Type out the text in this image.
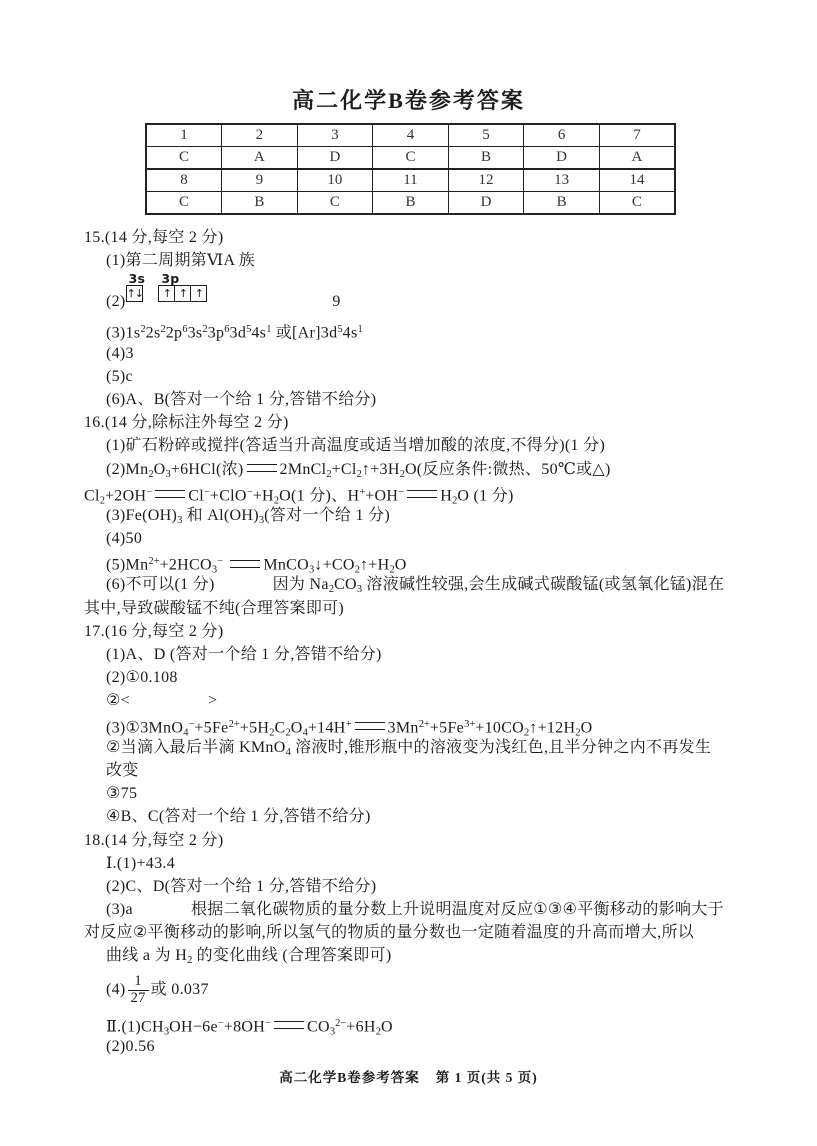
高二化学B卷参考答案
1	2	3	4	5	6	7
C	A	D	C	B	D	A
8	9	10	11	12	13	14
C	B	C	B	D	B	C
15.(14 分,每空 2 分)
(1)第二周期第ⅥA 族
(2)
3s
↑↓
3p
↑ ↑ ↑	9
$(3)1s^22s^22p^63s^23p^63d^54s^1$ 或$[Ar]3d^54s^1$
(4)3
(5)c
(6)A、B(答对一个给 1 分,答错不给分)
16.(14 分,除标注外每空 2 分)
(1)矿石粉碎或搅拌(答适当升高温度或适当增加酸的浓度,不得分)(1 分)
$(2)Mn_2O_3+6HCl$(浓) $2MnCl_2+Cl_2↑+3H_2O$(反应条件:微热、50℃或△)
$Cl_2+2OH^-$ $Cl^-+ClO^-+H_2O(1$ 分)、H++OH− $H_2O$ (1 分)
$(3)Fe(OH)_3$ 和 $Al(OH)_3$(答对一个给 1 分)
(4)50
$(5)Mn^{2+}+2HCO_3^-$	$MnCO_3↓+CO_2↑+H_2O$
(6)不可以(1 分)	因为 $Na_2CO_3$ 溶液碱性较强,会生成碱式碳酸锰(或氢氧化锰)混在
其中,导致碳酸锰不纯(合理答案即可)
17.(16 分,每空 2 分)
(1)A、D (答对一个给 1 分,答错不给分)
(2)①0.108
②<	>
$(3)①3MnO_4^-+5Fe^{2+}+5H_2C_2O_4+14H^+$ $3Mn^{2+}+5Fe^{3+}+10CO_2↑+12H_2O$
②当滴入最后半滴 KMnO$_4$ 溶液时,锥形瓶中的溶液变为浅红色,且半分钟之内不再发生
改变
③75
④B、C(答对一个给 1 分,答错不给分)
18.(14 分,每空 2 分)
Ⅰ.(1)+43.4
(2)C、D(答对一个给 1 分,答错不给分)
(3)a	根据二氧化碳物质的量分数上升说明温度对反应①③④平衡移动的影响大于
对反应②平衡移动的影响,所以氢气的物质的量分数也一定随着温度的升高而增大,所以
曲线 a 为 $H_2$ 的变化曲线 (合理答案即可)
$(4) \frac{1}{27}$ 或 0.037
$Ⅱ.(1)CH_3OH-6e^-+8OH^-$ $CO_3^{2-}+6H_2O$
(2)0.56
高二化学B卷参考答案 第 1 页(共 5 页)
